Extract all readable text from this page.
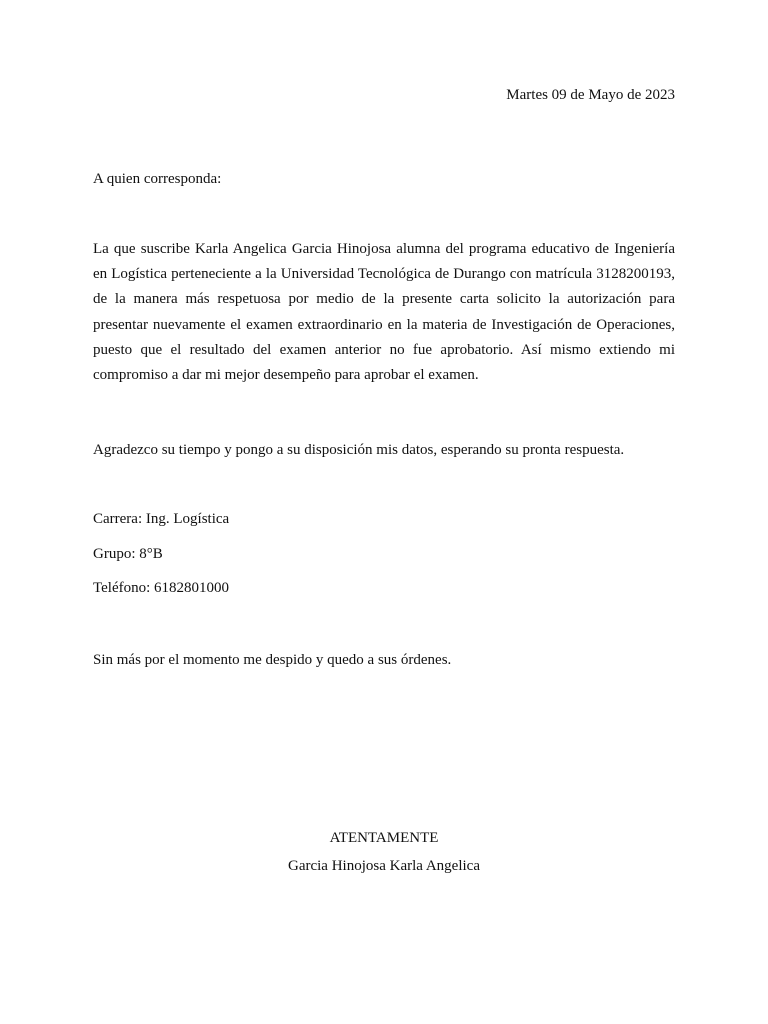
Martes 09 de Mayo de 2023
A quien corresponda:

La que suscribe Karla Angelica Garcia Hinojosa alumna del programa educativo de Ingeniería en Logística perteneciente a la Universidad Tecnológica de Durango con matrícula 3128200193, de la manera más respetuosa por medio de la presente carta solicito la autorización para presentar nuevamente el examen extraordinario en la materia de Investigación de Operaciones, puesto que el resultado del examen anterior no fue aprobatorio. Así mismo extiendo mi compromiso a dar mi mejor desempeño para aprobar el examen.

Agradezco su tiempo y pongo a su disposición mis datos, esperando su pronta respuesta.
Carrera: Ing. Logística
Grupo: 8°B
Teléfono: 6182801000
Sin más por el momento me despido y quedo a sus órdenes.
ATENTAMENTE
Garcia Hinojosa Karla Angelica
